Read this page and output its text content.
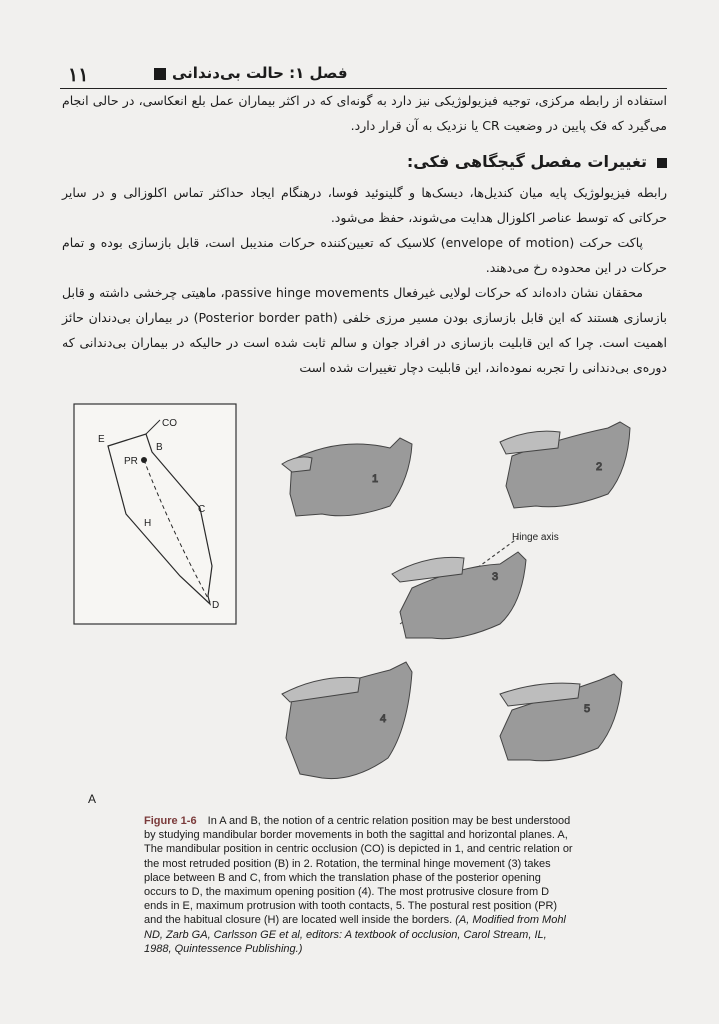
۱۱	فصل ۱: حالت بی‌دندانی
استفاده از رابطه مرکزی، توجیه فیزیولوژیکی نیز دارد به گونه‌ای که در اکثر بیماران عمل بلع انعکاسی، در حالی انجام می‌گیرد که فک پایین در وضعیت CR یا نزدیک به آن قرار دارد.
تغییرات مفصل گیجگاهی فکی:
رابطه فیزیولوژیک پایه میان کندیل‌ها، دیسک‌ها و گلینوئید فوسا، درهنگام ایجاد حداکثر تماس اکلوزالی و در سایر حرکاتی که توسط عناصر اکلوزال هدایت می‌شوند، حفظ می‌شود.
پاکت حرکت (envelope of motion) کلاسیک که تعیین‌کننده حرکات مندیبل است، قابل بازسازی بوده و تمام حرکات در این محدوده رخ می‌دهند.
محققان نشان داده‌اند که حرکات لولایی غیرفعال passive hinge movements، ماهیتی چرخشی داشته و قابل بازسازی هستند که این قابل بازسازی بودن مسیر مرزی خلفی (Posterior border path) در بیماران بی‌دندان حائز اهمیت است. چرا که این قابلیت بازسازی در افراد جوان و سالم ثابت شده است در حالیکه در بیماران بی‌دندانی که دوره‌ی بی‌دندانی را تجربه نموده‌اند، این قابلیت دچار تغییرات شده است
CO
B
E
PR
H
C
D
1
2
Hinge axis
3
4
5
A
Figure 1-6 In A and B, the notion of a centric relation position may be best understood by studying mandibular border movements in both the sagittal and horizontal planes. A, The mandibular position in centric occlusion (CO) is depicted in 1, and centric relation or the most retruded position (B) in 2. Rotation, the terminal hinge movement (3) takes place between B and C, from which the translation phase of the posterior opening occurs to D, the maximum opening position (4). The most protrusive closure from D ends in E, maximum protrusion with tooth contacts, 5. The postural rest position (PR) and the habitual closure (H) are located well inside the borders. (A, Modified from Mohl ND, Zarb GA, Carlsson GE et al, editors: A textbook of occlusion, Carol Stream, IL, 1988, Quintessence Publishing.)
